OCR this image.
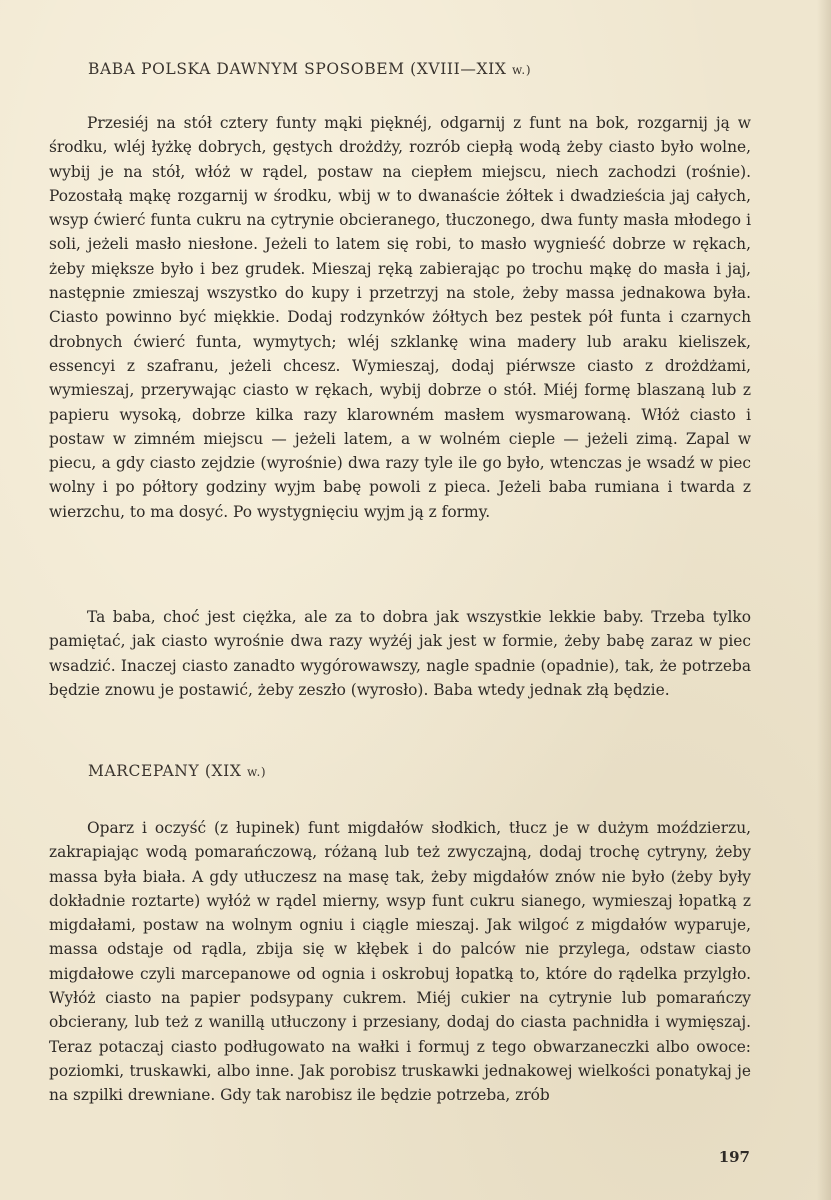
BABA POLSKA DAWNYM SPOSOBEM (XVIII—XIX w.)

Przesiéj na stół cztery funty mąki pięknéj, odgarnij z funt na bok, rozgarnij ją w środku, wléj łyżkę dobrych, gęstych drożdży, rozrób ciepłą wodą żeby ciasto było wolne, wybij je na stół, włóż w rądel, postaw na ciepłem miejscu, niech zachodzi (rośnie). Pozostałą mąkę rozgarnij w środku, wbij w to dwanaście żółtek i dwadzieścia jaj całych, wsyp ćwierć funta cukru na cytrynie obcieranego, tłuczonego, dwa funty masła młodego i soli, jeżeli masło niesłone. Jeżeli to latem się robi, to masło wygnieść dobrze w rękach, żeby miększe było i bez grudek. Mieszaj ręką zabierając po trochu mąkę do masła i jaj, następnie zmieszaj wszystko do kupy i przetrzyj na stole, żeby massa jednakowa była. Ciasto powinno być miękkie. Dodaj rodzynków żółtych bez pestek pół funta i czarnych drobnych ćwierć funta, wymytych; wléj szklankę wina madery lub araku kieliszek, essencyi z szafranu, jeżeli chcesz. Wymieszaj, dodaj piérwsze ciasto z drożdżami, wymieszaj, przerywając ciasto w rękach, wybij dobrze o stół. Miéj formę blaszaną lub z papieru wysoką, dobrze kilka razy klarowném masłem wysmarowaną. Włóż ciasto i postaw w zimném miejscu — jeżeli latem, a w wolném cieple — jeżeli zimą. Zapal w piecu, a gdy ciasto zejdzie (wyrośnie) dwa razy tyle ile go było, wtenczas je wsadź w piec wolny i po półtory godziny wyjm babę powoli z pieca. Jeżeli baba rumiana i twarda z wierzchu, to ma dosyć. Po wystygnięciu wyjm ją z formy.

Ta baba, choć jest ciężka, ale za to dobra jak wszystkie lekkie baby. Trzeba tylko pamiętać, jak ciasto wyrośnie dwa razy wyżéj jak jest w formie, żeby babę zaraz w piec wsadzić. Inaczej ciasto zanadto wygórowawszy, nagle spadnie (opadnie), tak, że potrzeba będzie znowu je postawić, żeby zeszło (wyrosło). Baba wtedy jednak złą będzie.

MARCEPANY (XIX w.)

Oparz i oczyść (z łupinek) funt migdałów słodkich, tłucz je w dużym moździerzu, zakrapiając wodą pomarańczową, różaną lub też zwyczajną, dodaj trochę cytryny, żeby massa była biała. A gdy utłuczesz na masę tak, żeby migdałów znów nie było (żeby były dokładnie roztarte) wyłóż w rądel mierny, wsyp funt cukru sianego, wymieszaj łopatką z migdałami, postaw na wolnym ogniu i ciągle mieszaj. Jak wilgoć z migdałów wyparuje, massa odstaje od rądla, zbija się w kłębek i do palców nie przylega, odstaw ciasto migdałowe czyli marcepanowe od ognia i oskrobuj łopatką to, które do rądelka przylgło. Wyłóż ciasto na papier podsypany cukrem. Miéj cukier na cytrynie lub pomarańczy obcierany, lub też z wanillą utłuczony i przesiany, dodaj do ciasta pachnidła i wymięszaj. Teraz potaczaj ciasto podługowato na wałki i formuj z tego obwarzaneczki albo owoce: poziomki, truskawki, albo inne. Jak porobisz truskawki jednakowej wielkości ponatykaj je na szpilki drewniane. Gdy tak narobisz ile będzie potrzeba, zrób

197
